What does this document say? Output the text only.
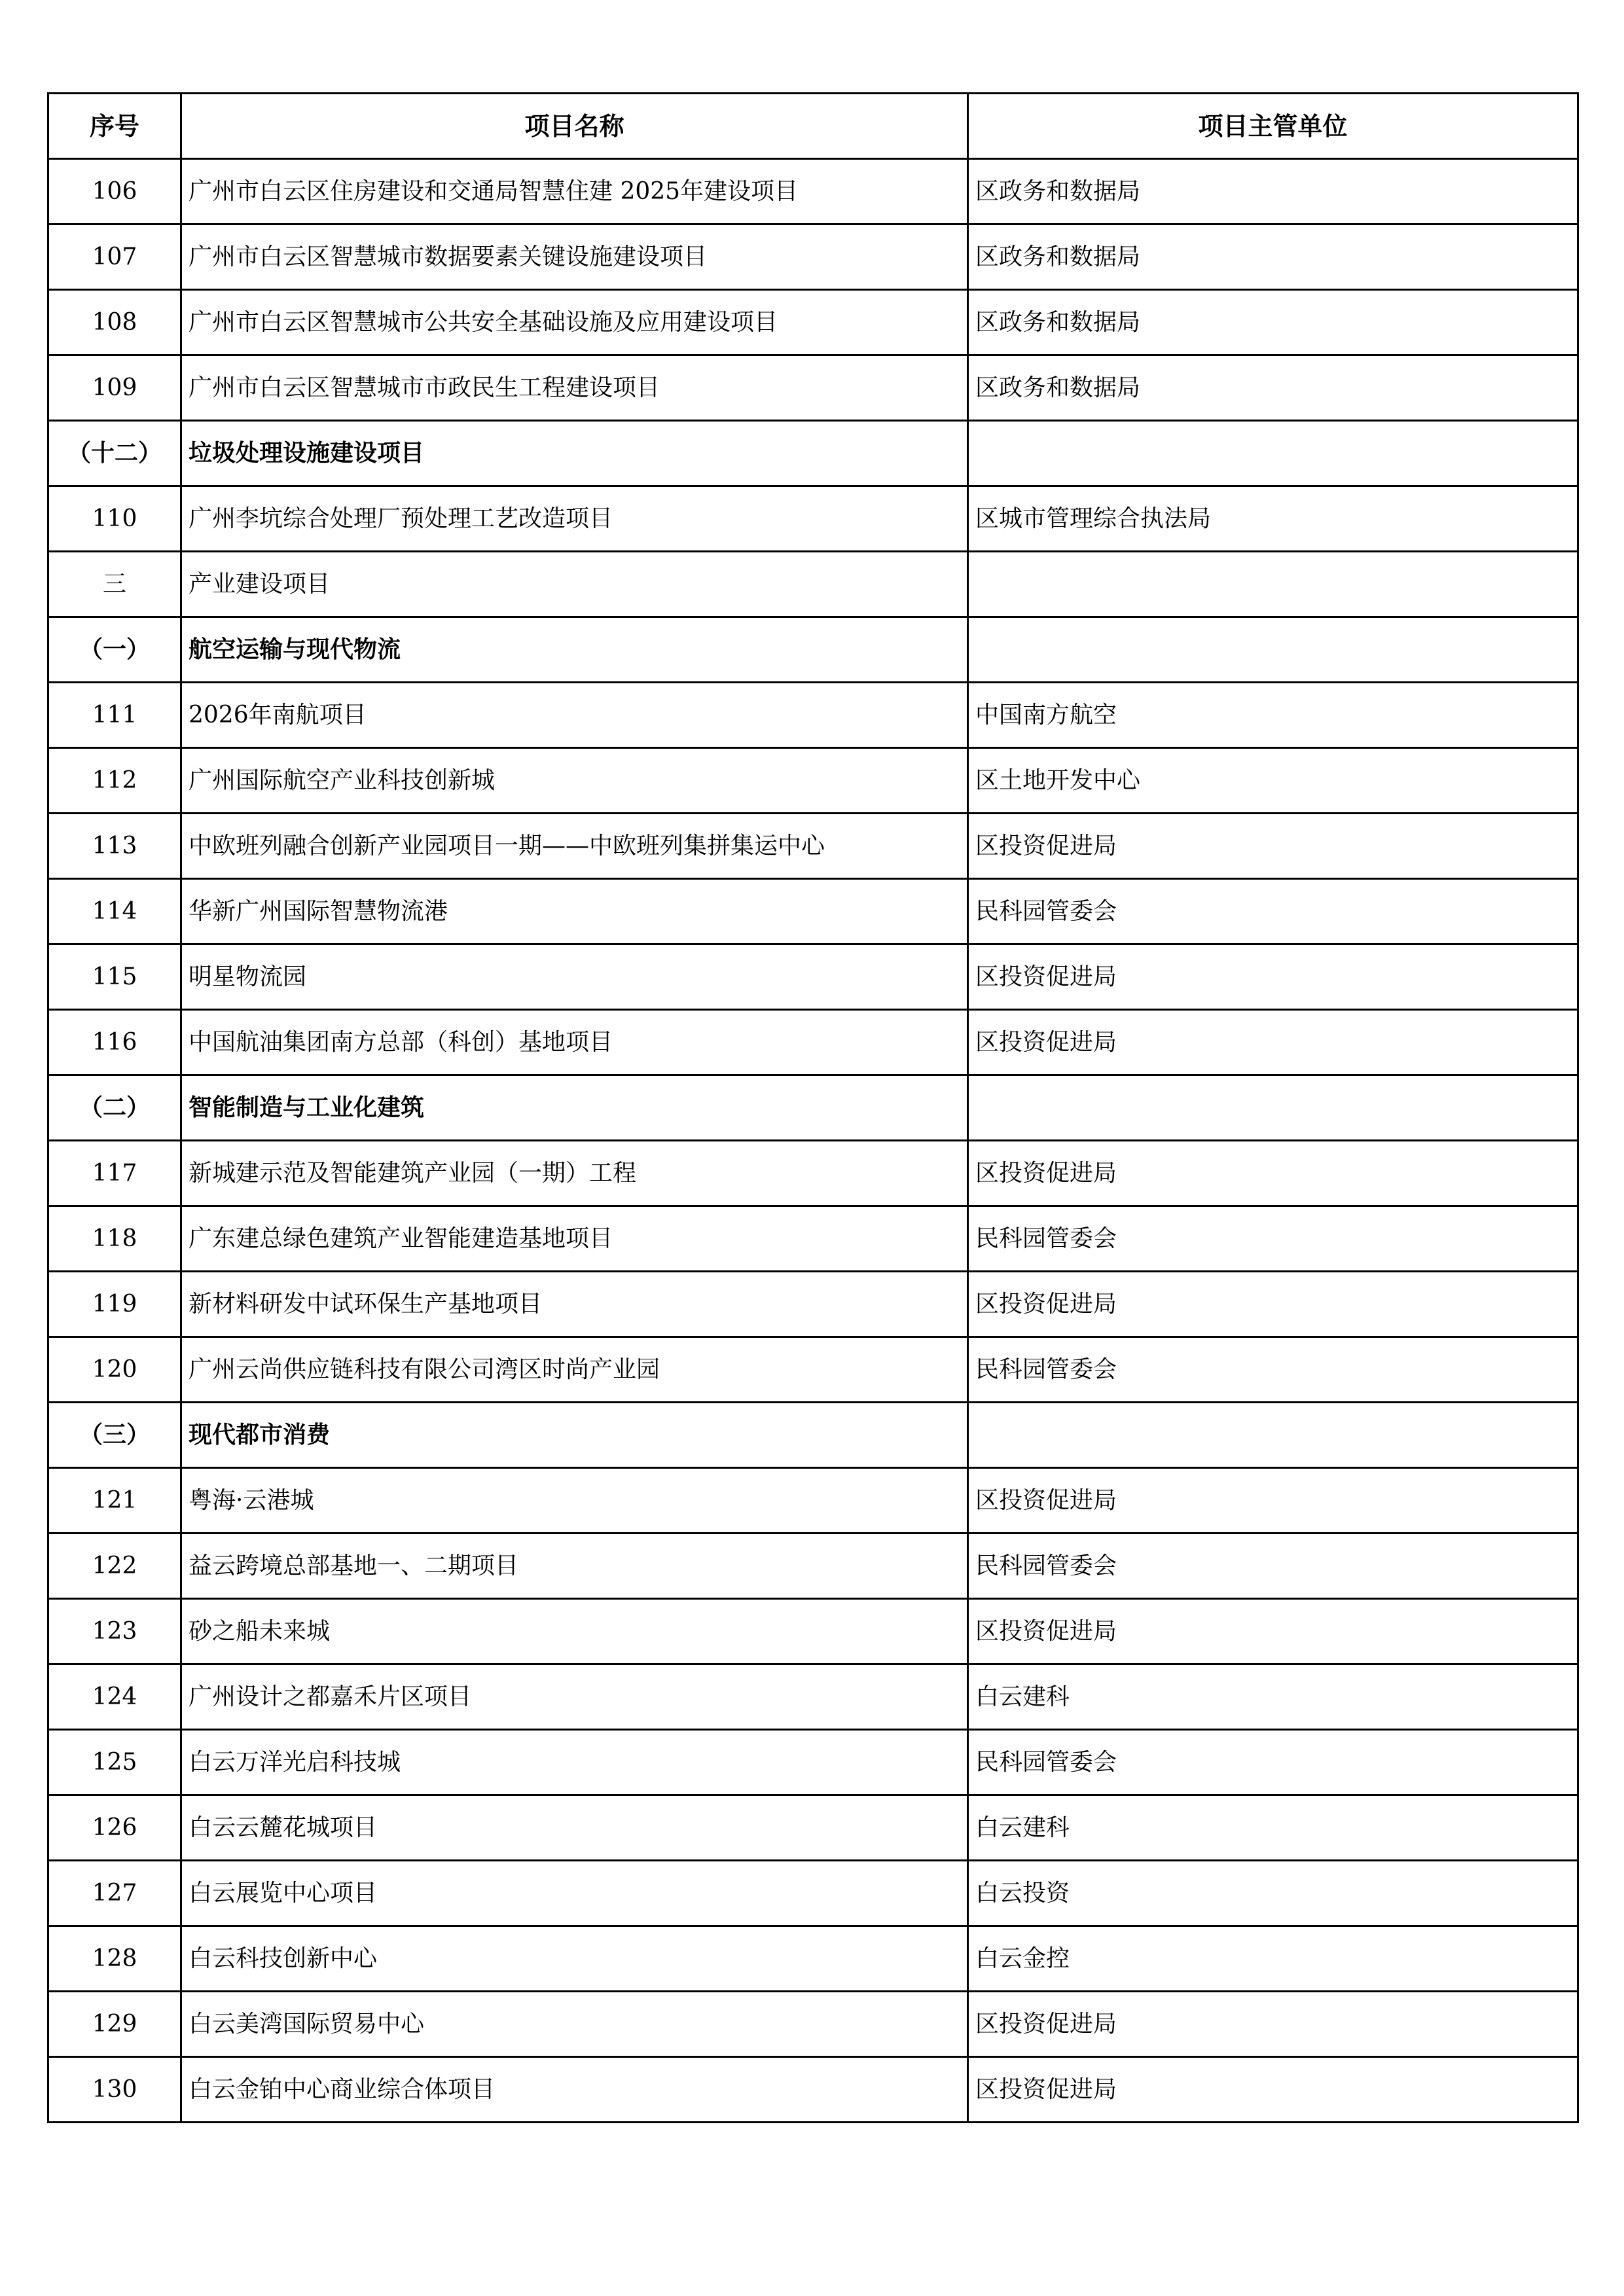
序号	项目名称	项目主管单位
106	广州市白云区住房建设和交通局智慧住建 2025年建设项目	区政务和数据局
107	广州市白云区智慧城市数据要素关键设施建设项目	区政务和数据局
108	广州市白云区智慧城市公共安全基础设施及应用建设项目	区政务和数据局
109	广州市白云区智慧城市市政民生工程建设项目	区政务和数据局
（十二）	垃圾处理设施建设项目	
110	广州李坑综合处理厂预处理工艺改造项目	区城市管理综合执法局
三	产业建设项目	
（一）	航空运输与现代物流	
111	2026年南航项目	中国南方航空
112	广州国际航空产业科技创新城	区土地开发中心
113	中欧班列融合创新产业园项目一期——中欧班列集拼集运中心	区投资促进局
114	华新广州国际智慧物流港	民科园管委会
115	明星物流园	区投资促进局
116	中国航油集团南方总部（科创）基地项目	区投资促进局
（二）	智能制造与工业化建筑	
117	新城建示范及智能建筑产业园（一期）工程	区投资促进局
118	广东建总绿色建筑产业智能建造基地项目	民科园管委会
119	新材料研发中试环保生产基地项目	区投资促进局
120	广州云尚供应链科技有限公司湾区时尚产业园	民科园管委会
（三）	现代都市消费	
121	粤海·云港城	区投资促进局
122	益云跨境总部基地一、二期项目	民科园管委会
123	砂之船未来城	区投资促进局
124	广州设计之都嘉禾片区项目	白云建科
125	白云万洋光启科技城	民科园管委会
126	白云云麓花城项目	白云建科
127	白云展览中心项目	白云投资
128	白云科技创新中心	白云金控
129	白云美湾国际贸易中心	区投资促进局
130	白云金铂中心商业综合体项目	区投资促进局
